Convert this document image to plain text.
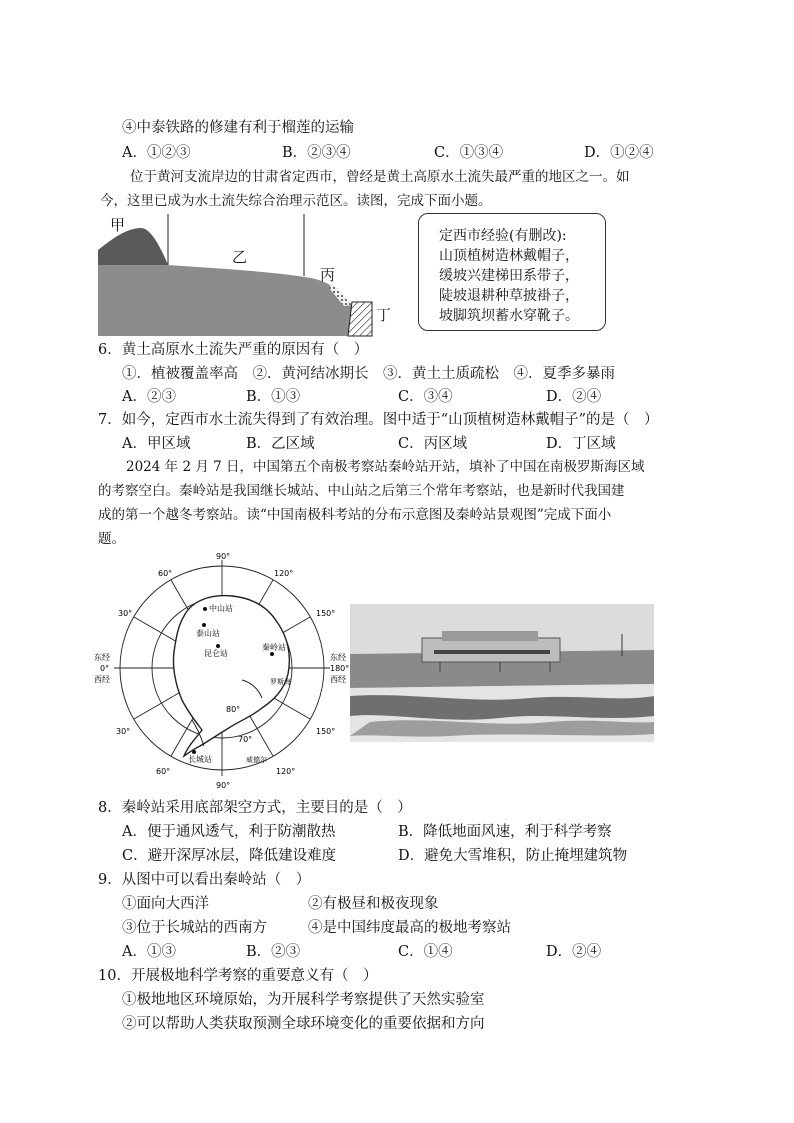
④中泰铁路的修建有利于榴莲的运输
A．①②③	B．②③④	C．①③④	D．①②④
位于黄河支流岸边的甘肃省定西市，曾经是黄土高原水土流失最严重的地区之一。如
今，这里已成为水土流失综合治理示范区。读图，完成下面小题。
甲
乙
丙
丁
定西市经验(有删改):
山顶植树造林戴帽子，
缓坡兴建梯田系带子，
陡坡退耕种草披褂子，
坡脚筑坝蓄水穿靴子。
6．黄土高原水土流失严重的原因有（　）
①．植被覆盖率高　②．黄河结冰期长　③．黄土土质疏松　④．夏季多暴雨
A．②③	B．①③	C．③④	D．②④
7．如今，定西市水土流失得到了有效治理。图中适于“山顶植树造林戴帽子”的是（　）
A．甲区域	B．乙区域	C．丙区域	D．丁区域
2024 年 2 月 7 日，中国第五个南极考察站秦岭站开站，填补了中国在南极罗斯海区域
的考察空白。秦岭站是我国继长城站、中山站之后第三个常年考察站，也是新时代我国建
成的第一个越冬考察站。读“中国南极科考站的分布示意图及秦岭站景观图”完成下面小
题。
90°
60°	120°
30°	150°
30°	150°
60°	120°
90°
东经
0°
西经
东经
180°
西经
80°
70°
中山站
泰山站
昆仑站
秦岭站
长城站
罗斯海
威德尔
8．秦岭站采用底部架空方式，主要目的是（　）
A．便于通风透气，利于防潮散热	B．降低地面风速，利于科学考察
C．避开深厚冰层，降低建设难度	D．避免大雪堆积，防止掩埋建筑物
9．从图中可以看出秦岭站（　）
①面向大西洋	②有极昼和极夜现象
③位于长城站的西南方	④是中国纬度最高的极地考察站
A．①③	B．②③	C．①④	D．②④
10．开展极地科学考察的重要意义有（　）
①极地地区环境原始，为开展科学考察提供了天然实验室
②可以帮助人类获取预测全球环境变化的重要依据和方向
